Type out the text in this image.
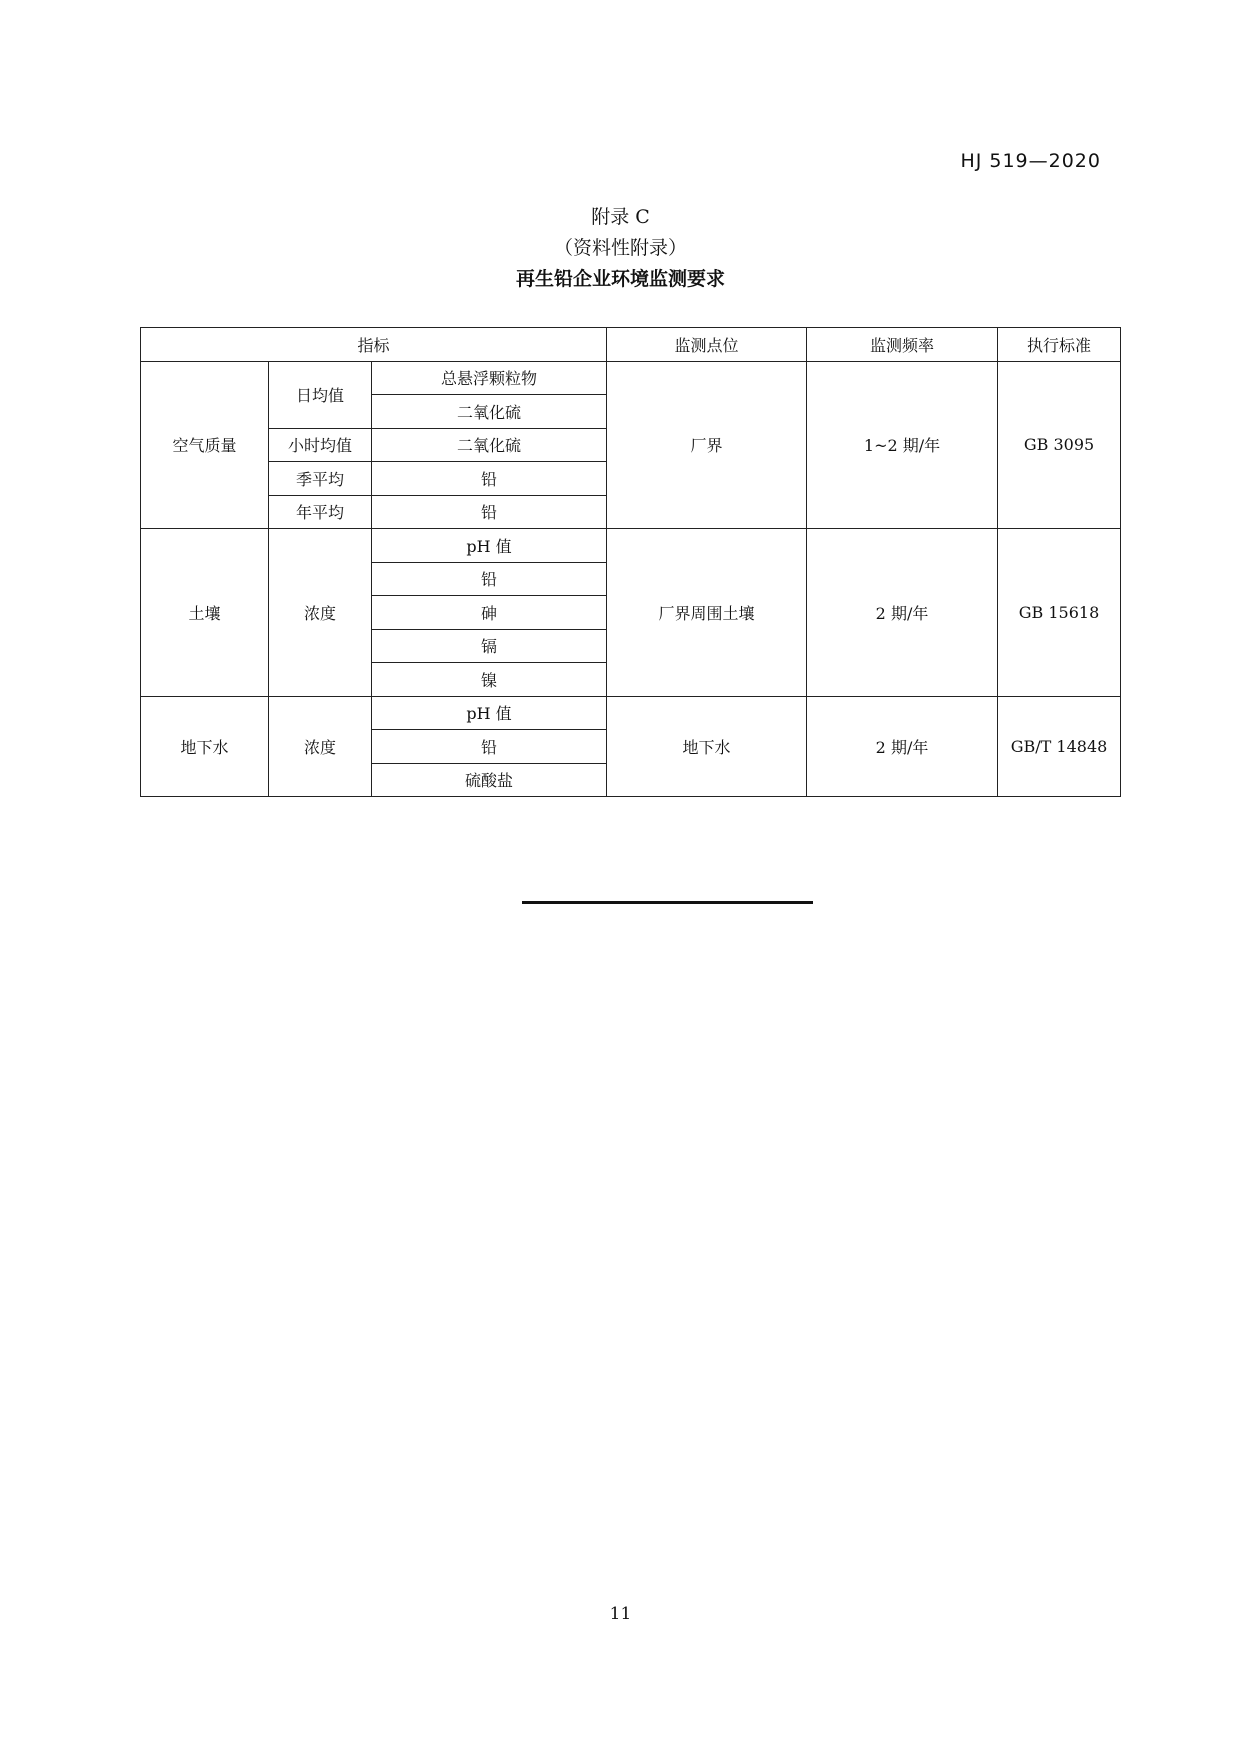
HJ 519—2020
附录 C
（资料性附录）
再生铅企业环境监测要求
指标			监测点位	监测频率	执行标准
空气质量	日均值	总悬浮颗粒物	厂界	1~2 期/年	GB 3095
		二氧化硫			
	小时均值	二氧化硫			
	季平均	铅			
	年平均	铅			
土壤	浓度	pH 值	厂界周围土壤	2 期/年	GB 15618
		铅			
		砷			
		镉			
		镍			
地下水	浓度	pH 值	地下水	2 期/年	GB/T 14848
		铅			
		硫酸盐			
11
